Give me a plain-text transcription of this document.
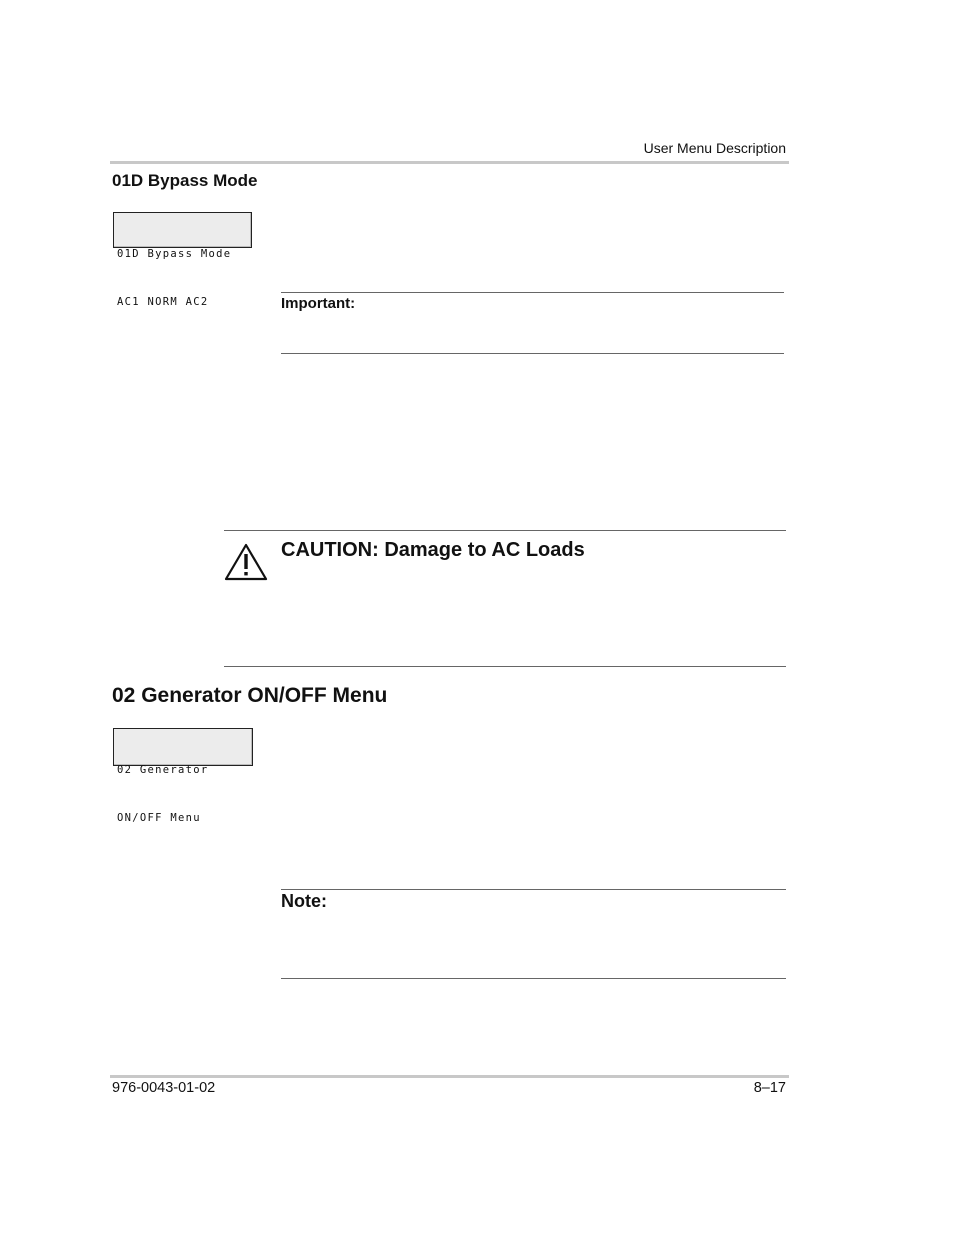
User Menu Description
01D Bypass Mode

01D Bypass Mode

AC1 NORM AC2	Important:
CAUTION: Damage to AC Loads
02 Generator ON/OFF Menu

02 Generator

ON/OFF Menu

Note:
976-0043-01-02	8–17
